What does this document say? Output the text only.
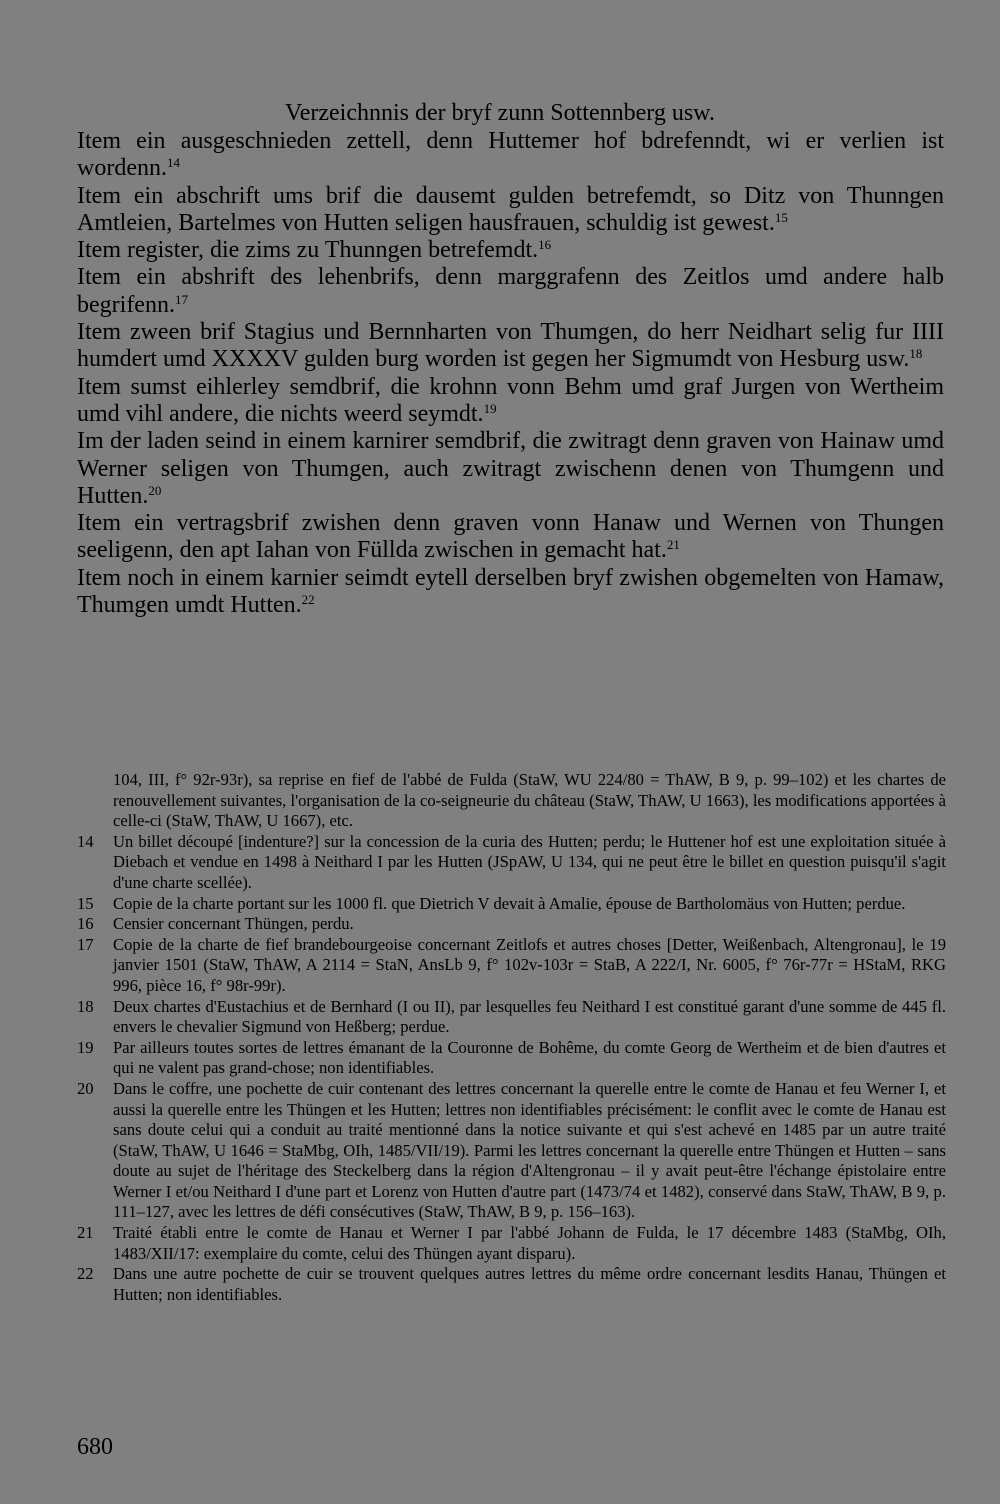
Verzeichnnis der bryf zunn Sottennberg usw.

Item ein ausgeschnieden zettell, denn Huttemer hof bdrefenndt, wi er verlien ist wordenn.$^{14}$

Item ein abschrift ums brif die dausemt gulden betrefemdt, so Ditz von Thunngen Amtleien, Bartelmes von Hutten seligen hausfrauen, schuldig ist gewest.$^{15}$

Item register, die zims zu Thunngen betrefemdt.$^{16}$

Item ein abshrift des lehenbrifs, denn marggrafenn des Zeitlos umd andere halb begrifenn.$^{17}$

Item zween brif Stagius und Bernnharten von Thumgen, do herr Neidhart selig fur IIII humdert umd XXXXV gulden burg worden ist gegen her Sigmumdt von Hesburg usw.$^{18}$

Item sumst eihlerley semdbrif, die krohnn vonn Behm umd graf Jurgen von Wertheim umd vihl andere, die nichts weerd seymdt.$^{19}$

Im der laden seind in einem karnirer semdbrif, die zwitragt denn graven von Hainaw umd Werner seligen von Thumgen, auch zwitragt zwischenn denen von Thumgenn und Hutten.$^{20}$

Item ein vertragsbrif zwishen denn graven vonn Hanaw und Wernen von Thungen seeligenn, den apt Iahan von Füllda zwischen in gemacht hat.$^{21}$

Item noch in einem karnier seimdt eytell derselben bryf zwishen obgemelten von Hamaw, Thumgen umdt Hutten.$^{22}$

104, III, f° 92r-93r), sa reprise en fief de l'abbé de Fulda (StaW, WU 224/80 = ThAW, B 9, p. 99–102) et les chartes de renouvellement suivantes, l'organisation de la co-seigneurie du château (StaW, ThAW, U 1663), les modifications apportées à celle-ci (StaW, ThAW, U 1667), etc.
14	Un billet découpé [indenture?] sur la concession de la curia des Hutten; perdu; le Huttener hof est une exploitation située à Diebach et vendue en 1498 à Neithard I par les Hutten (JSpAW, U 134, qui ne peut être le billet en question puisqu'il s'agit d'une charte scellée).
15	Copie de la charte portant sur les 1000 fl. que Dietrich V devait à Amalie, épouse de Bartholomäus von Hutten; perdue.
16	Censier concernant Thüngen, perdu.
17	Copie de la charte de fief brandebourgeoise concernant Zeitlofs et autres choses [Detter, Weißenbach, Altengronau], le 19 janvier 1501 (StaW, ThAW, A 2114 = StaN, AnsLb 9, f° 102v-103r = StaB, A 222/I, Nr. 6005, f° 76r-77r = HStaM, RKG 996, pièce 16, f° 98r-99r).
18	Deux chartes d'Eustachius et de Bernhard (I ou II), par lesquelles feu Neithard I est constitué garant d'une somme de 445 fl. envers le chevalier Sigmund von Heßberg; perdue.
19	Par ailleurs toutes sortes de lettres émanant de la Couronne de Bohême, du comte Georg de Wertheim et de bien d'autres et qui ne valent pas grand-chose; non identifiables.
20	Dans le coffre, une pochette de cuir contenant des lettres concernant la querelle entre le comte de Hanau et feu Werner I, et aussi la querelle entre les Thüngen et les Hutten; lettres non identifiables précisément: le conflit avec le comte de Hanau est sans doute celui qui a conduit au traité mentionné dans la notice suivante et qui s'est achevé en 1485 par un autre traité (StaW, ThAW, U 1646 = StaMbg, OIh, 1485/VII/19). Parmi les lettres concernant la querelle entre Thüngen et Hutten – sans doute au sujet de l'héritage des Steckelberg dans la région d'Altengronau – il y avait peut-être l'échange épistolaire entre Werner I et/ou Neithard I d'une part et Lorenz von Hutten d'autre part (1473/74 et 1482), conservé dans StaW, ThAW, B 9, p. 111–127, avec les lettres de défi consécutives (StaW, ThAW, B 9, p. 156–163).
21	Traité établi entre le comte de Hanau et Werner I par l'abbé Johann de Fulda, le 17 décembre 1483 (StaMbg, OIh, 1483/XII/17: exemplaire du comte, celui des Thüngen ayant disparu).
22	Dans une autre pochette de cuir se trouvent quelques autres lettres du même ordre concernant lesdits Hanau, Thüngen et Hutten; non identifiables.
680
